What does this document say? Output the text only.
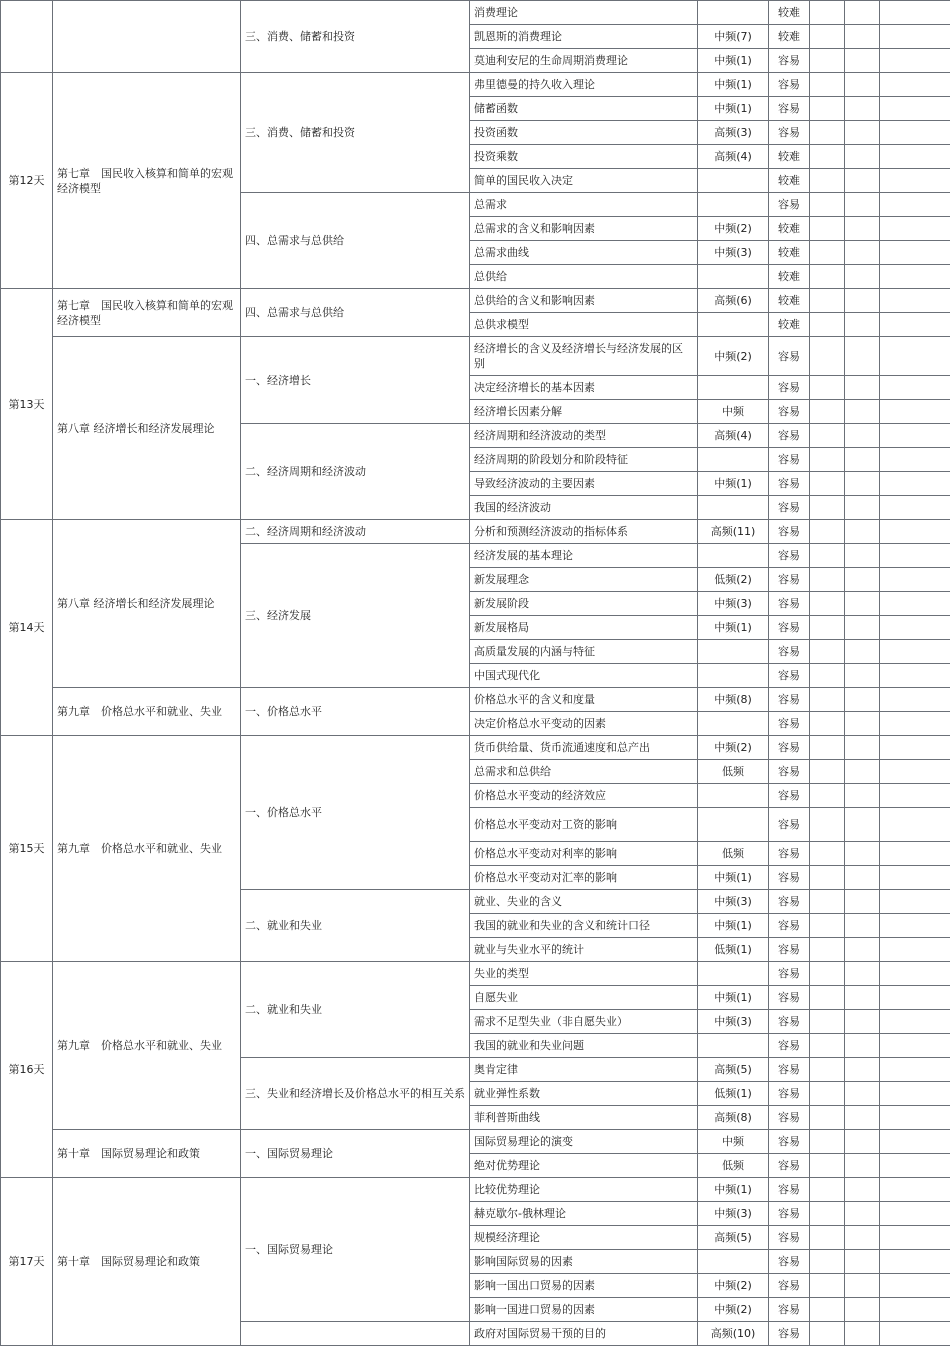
		三、消费、储蓄和投资	消费理论		较难			
			凯恩斯的消费理论	中频(7)	较难			
			莫迪利安尼的生命周期消费理论	中频(1)	容易			
第12天	第七章　国民收入核算和简单的宏观经济模型	三、消费、储蓄和投资	弗里德曼的持久收入理论	中频(1)	容易			
			储蓄函数	中频(1)	容易			
			投资函数	高频(3)	容易			
			投资乘数	高频(4)	较难			
			简单的国民收入决定		较难			
		四、总需求与总供给	总需求		容易			
			总需求的含义和影响因素	中频(2)	较难			
			总需求曲线	中频(3)	较难			
			总供给		较难			
第13天	第七章　国民收入核算和简单的宏观经济模型	四、总需求与总供给	总供给的含义和影响因素	高频(6)	较难			
			总供求模型		较难			
	第八章 经济增长和经济发展理论	一、经济增长	经济增长的含义及经济增长与经济发展的区别	中频(2)	容易			
			决定经济增长的基本因素		容易			
			经济增长因素分解	中频	容易			
		二、经济周期和经济波动	经济周期和经济波动的类型	高频(4)	容易			
			经济周期的阶段划分和阶段特征		容易			
			导致经济波动的主要因素	中频(1)	容易			
			我国的经济波动		容易			
第14天	第八章 经济增长和经济发展理论	二、经济周期和经济波动	分析和预测经济波动的指标体系	高频(11)	容易			
		三、经济发展	经济发展的基本理论		容易			
			新发展理念	低频(2)	容易			
			新发展阶段	中频(3)	容易			
			新发展格局	中频(1)	容易			
			高质量发展的内涵与特征		容易			
			中国式现代化		容易			
	第九章　价格总水平和就业、失业	一、价格总水平	价格总水平的含义和度量	中频(8)	容易			
			决定价格总水平变动的因素		容易			
第15天	第九章　价格总水平和就业、失业	一、价格总水平	货币供给量、货币流通速度和总产出	中频(2)	容易			
			总需求和总供给	低频	容易			
			价格总水平变动的经济效应		容易			
			价格总水平变动对工资的影响		容易			
			价格总水平变动对利率的影响	低频	容易			
			价格总水平变动对汇率的影响	中频(1)	容易			
		二、就业和失业	就业、失业的含义	中频(3)	容易			
			我国的就业和失业的含义和统计口径	中频(1)	容易			
			就业与失业水平的统计	低频(1)	容易			
第16天	第九章　价格总水平和就业、失业	二、就业和失业	失业的类型		容易			
			自愿失业	中频(1)	容易			
			需求不足型失业（非自愿失业）	中频(3)	容易			
			我国的就业和失业问题		容易			
		三、失业和经济增长及价格总水平的相互关系	奥肯定律	高频(5)	容易			
			就业弹性系数	低频(1)	容易			
			菲利普斯曲线	高频(8)	容易			
	第十章　国际贸易理论和政策	一、国际贸易理论	国际贸易理论的演变	中频	容易			
			绝对优势理论	低频	容易			
第17天	第十章　国际贸易理论和政策	一、国际贸易理论	比较优势理论	中频(1)	容易			
			赫克歇尔-俄林理论	中频(3)	容易			
			规模经济理论	高频(5)	容易			
			影响国际贸易的因素		容易			
			影响一国出口贸易的因素	中频(2)	容易			
			影响一国进口贸易的因素	中频(2)	容易			
			政府对国际贸易干预的目的	高频(10)	容易			
